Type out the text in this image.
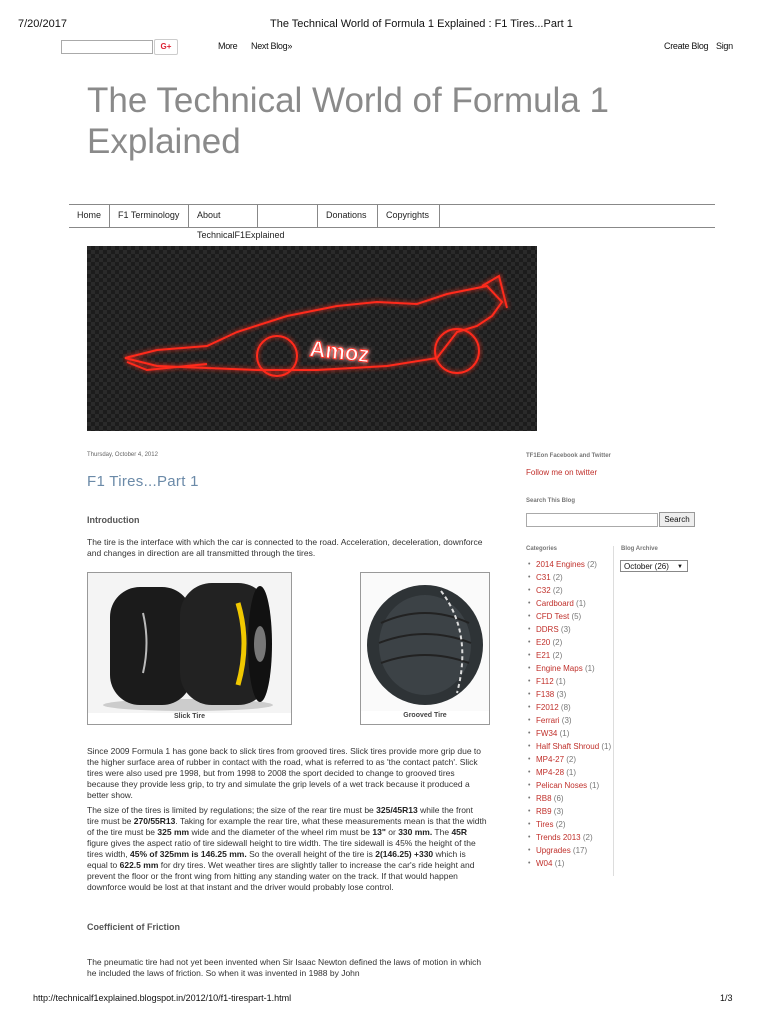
7/20/2017	The Technical World of Formula 1 Explained : F1 Tires...Part 1
G+	More Next Blog»	Create Blog Sign
The Technical World of Formula 1
Explained
Home	F1 Terminology	About TechnicalF1Explained
Donations	Copyrights
Amoz
Thursday, October 4, 2012
F1 Tires...Part 1
Introduction
The tire is the interface with which the car is connected to the road. Acceleration, deceleration, downforce and changes in direction are all transmitted through the tires.
Slick Tire	Grooved Tire
Since 2009 Formula 1 has gone back to slick tires from grooved tires. Slick tires provide more grip due to the higher surface area of rubber in contact with the road, what is referred to as 'the contact patch'. Slick tires were also used pre 1998, but from 1998 to 2008 the sport decided to change to grooved tires because they provide less grip, to try and simulate the grip levels of a wet track because it produced a better show.
The size of the tires is limited by regulations; the size of the rear tire must be 325/45R13 while the front tire must be 270/55R13. Taking for example the rear tire, what these measurements mean is that the width of the tire must be 325 mm wide and the diameter of the wheel rim must be 13" or 330 mm. The 45R figure gives the aspect ratio of tire sidewall height to tire width. The tire sidewall is 45% the height of the tires width, 45% of 325mm is 146.25 mm. So the overall height of the tire is 2(146.25) +330 which is equal to 622.5 mm for dry tires. Wet weather tires are slightly taller to increase the car's ride height and prevent the floor or the front wing from hitting any standing water on the track. If that would happen downforce would be lost at that instant and the driver would probably lose control.
Coefficient of Friction
The pneumatic tire had not yet been invented when Sir Isaac Newton defined the laws of motion in which he included the laws of friction. So when it was invented in 1988 by John
TF1Eon Facebook and Twitter
Follow me on twitter
Search This Blog
Search
Categories	Blog Archive
October (26) ▼
• 2014 Engines (2)
• C31 (2)
• C32 (2)
• Cardboard (1)
• CFD Test (5)
• DDRS (3)
• E20 (2)
• E21 (2)
• Engine Maps (1)
• F112 (1)
• F138 (3)
• F2012 (8)
• Ferrari (3)
• FW34 (1)
• Half Shaft Shroud (1)
• MP4-27 (2)
• MP4-28 (1)
• Pelican Noses (1)
• RB8 (6)
• RB9 (3)
• Tires (2)
• Trends 2013 (2)
• Upgrades (17)
• W04 (1)
http://technicalf1explained.blogspot.in/2012/10/f1-tirespart-1.html	1/3
